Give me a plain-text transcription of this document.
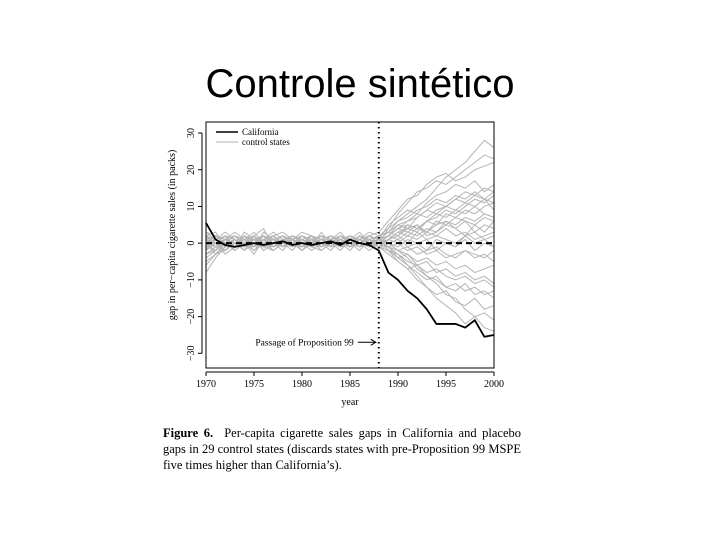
Controle sintético
1970	1975	1980	1985	1990	1995	2000
−30
−20
−10
0
10
20
30
year
gap in per−capita cigarette sales (in packs)
California
control states
Passage of Proposition 99
Figure 6. Per-capita cigarette sales gaps in California and placebo gaps in 29 control states (discards states with pre-Proposition 99 MSPE five times higher than California’s).
